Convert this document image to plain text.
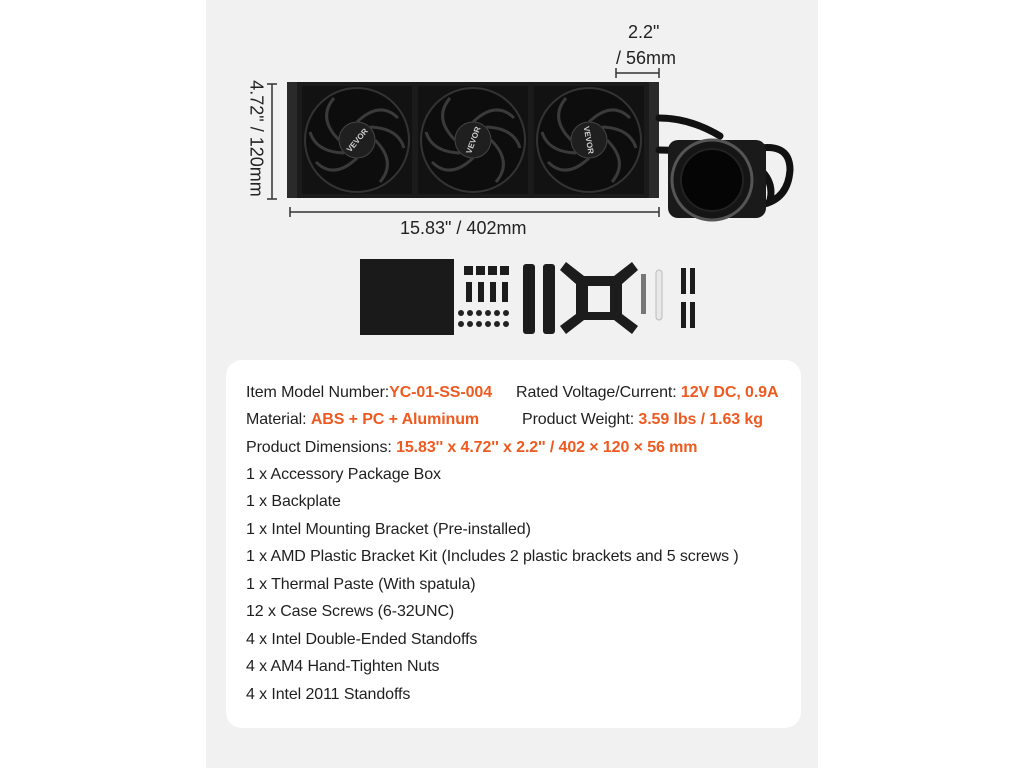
VEVOR	VEVOR	VEVOR
2.2"
/ 56mm
4.72" / 120mm
15.83" / 402mm
Item Model Number:YC-01-SS-004 Rated Voltage/Current: 12V DC, 0.9A
Material: ABS + PC + Aluminum	Product Weight: 3.59 lbs / 1.63 kg
Product Dimensions: 15.83'' x 4.72'' x 2.2'' / 402 × 120 × 56 mm
1 x Accessory Package Box
1 x Backplate
1 x Intel Mounting Bracket (Pre-installed)
1 x AMD Plastic Bracket Kit (Includes 2 plastic brackets and 5 screws )
1 x Thermal Paste (With spatula)
12 x Case Screws (6-32UNC)
4 x Intel Double-Ended Standoffs
4 x AM4 Hand-Tighten Nuts
4 x Intel 2011 Standoffs
